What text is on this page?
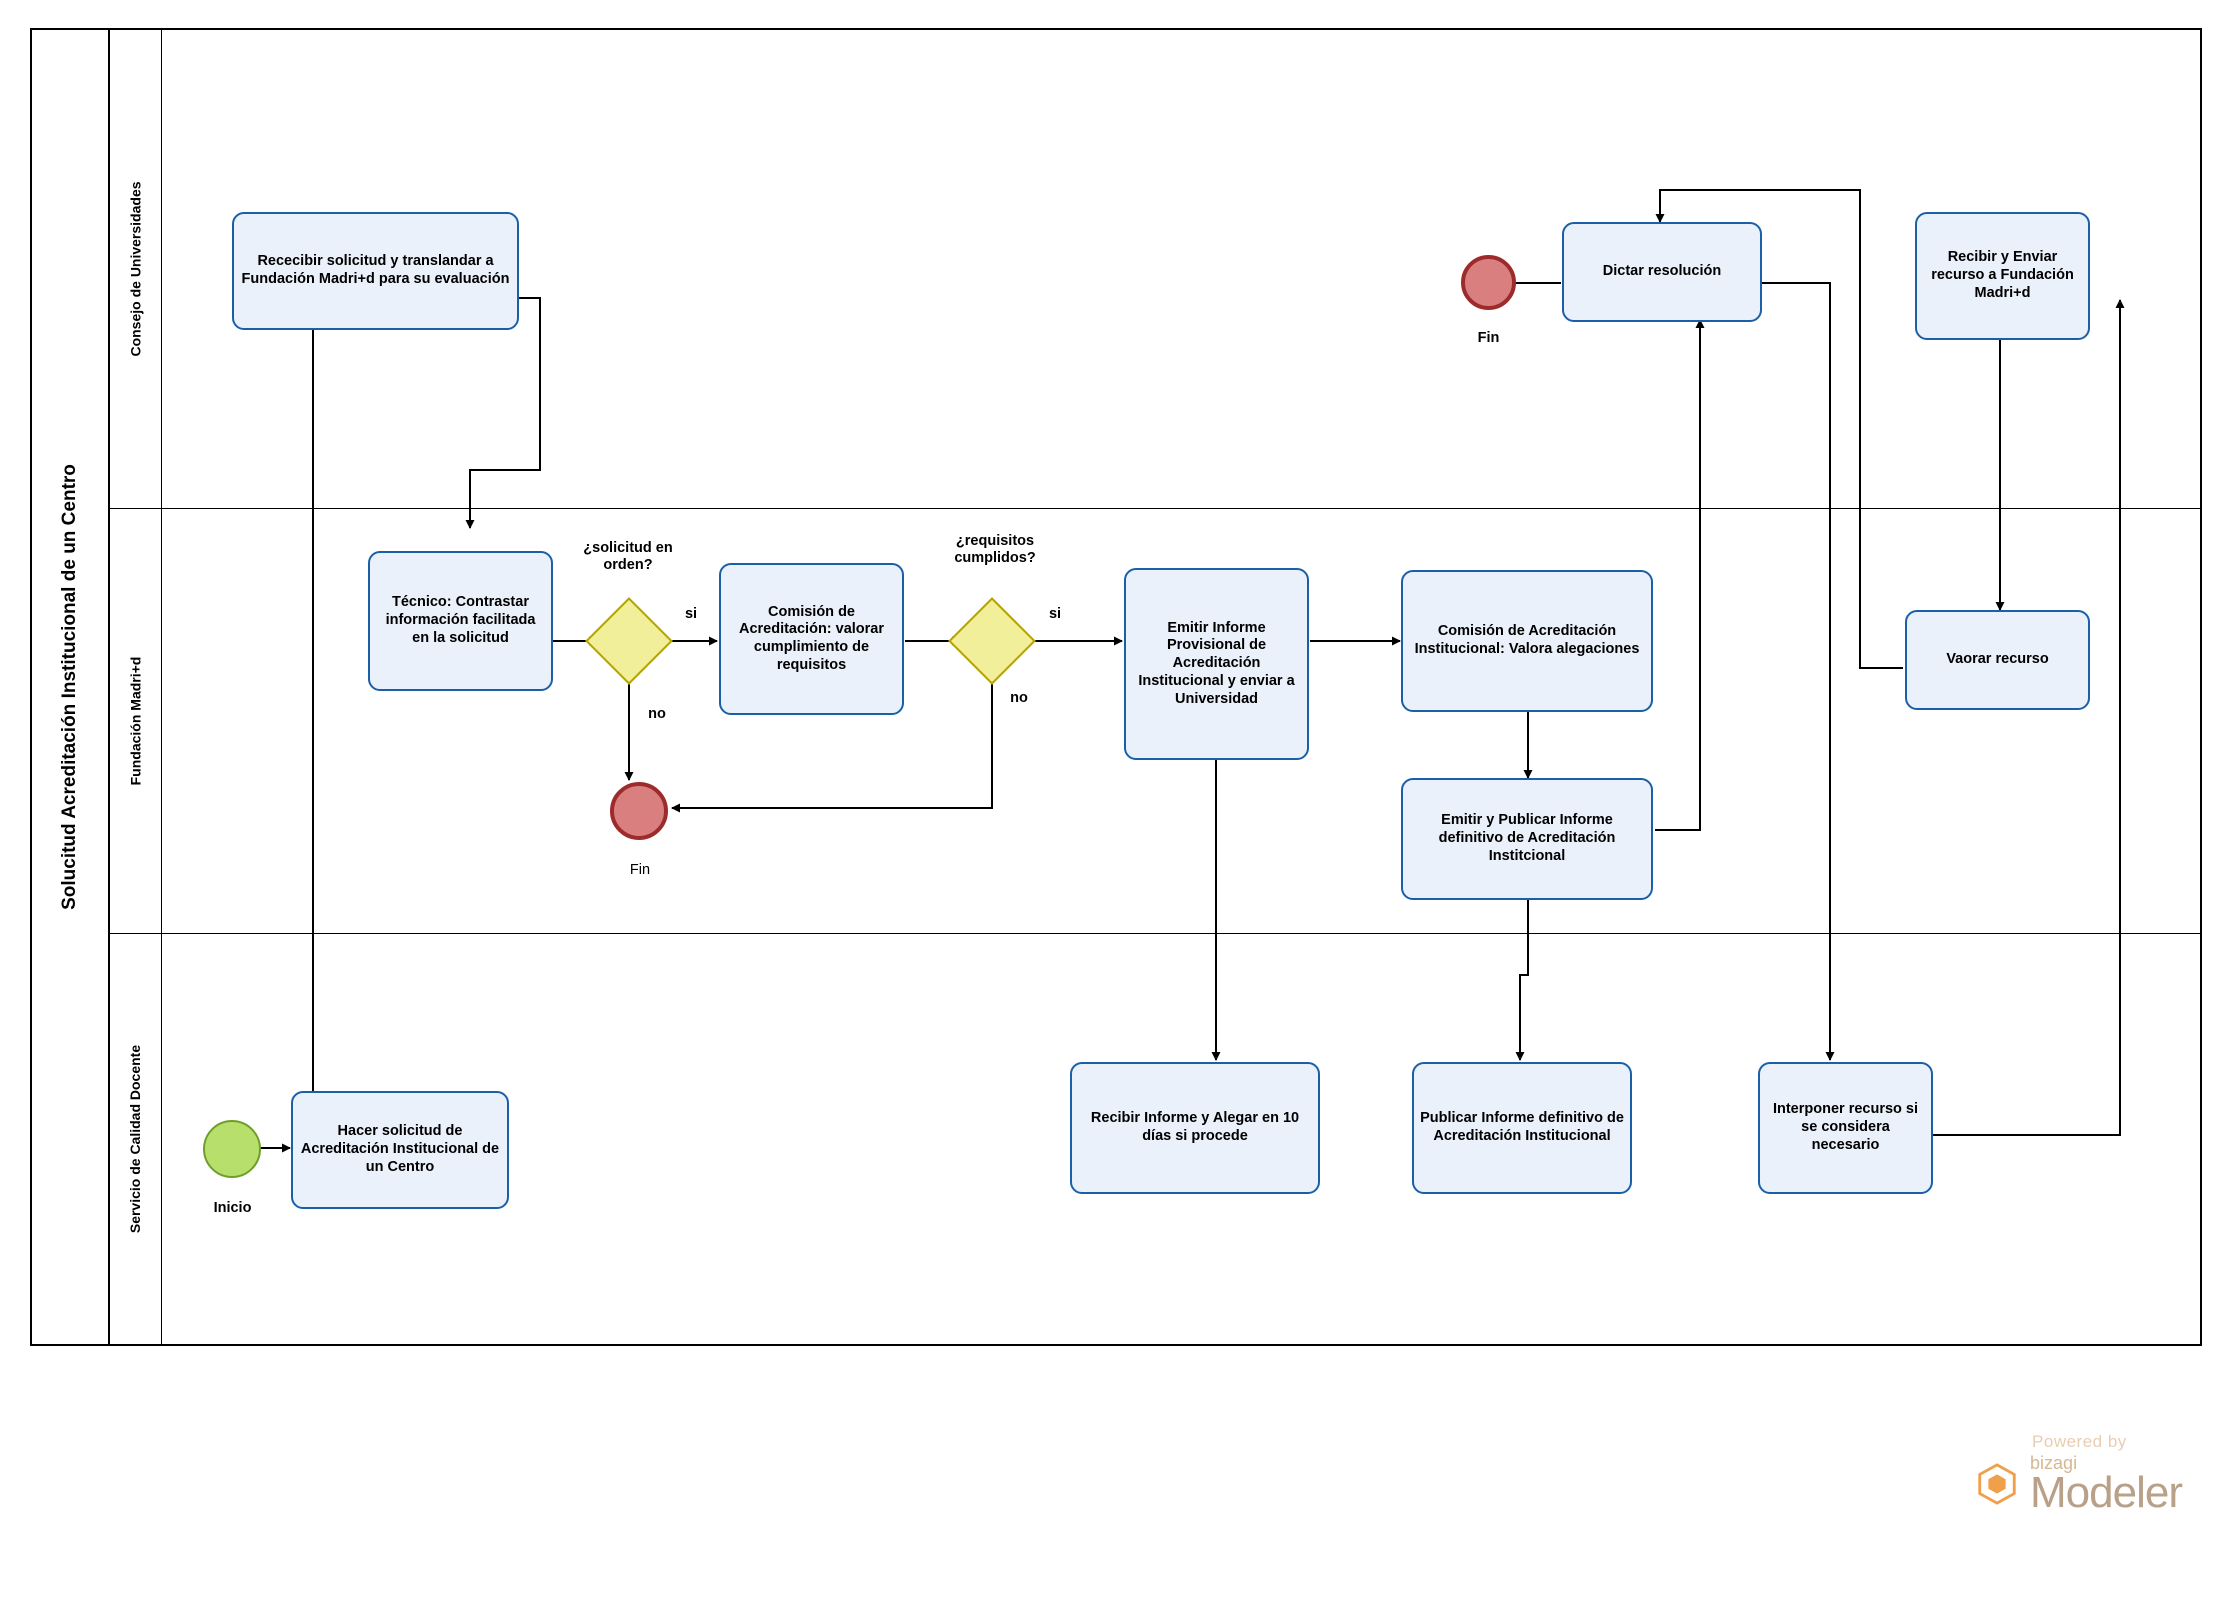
Solucitud Acreditación Institucional de un Centro
Consejo de Universidades
Fundación Madri+d
Servicio de Calidad Docente
Rececibir solicitud y translandar a Fundación Madri+d para su evaluación	Dictar resolución
Recibir y Enviar recurso a Fundación Madri+d
Fin
Técnico: Contrastar información facilitada en la solicitud
¿solicitud en orden?
si
no
Comisión de Acreditación: valorar cumplimiento de requisitos
¿requisitos cumplidos?
si
no
Emitir Informe Provisional de Acreditación Institucional y enviar a Universidad
Comisión de Acreditación Institucional: Valora alegaciones
Emitir y Publicar Informe definitivo de Acreditación Institcional
Vaorar recurso
Fin
Inicio
Hacer solicitud de Acreditación Institucional de un Centro
Recibir Informe y Alegar en 10 días si procede
Publicar Informe definitivo de Acreditación Institucional
Interponer recurso si se considera necesario
Powered by
bizagi
Modeler
